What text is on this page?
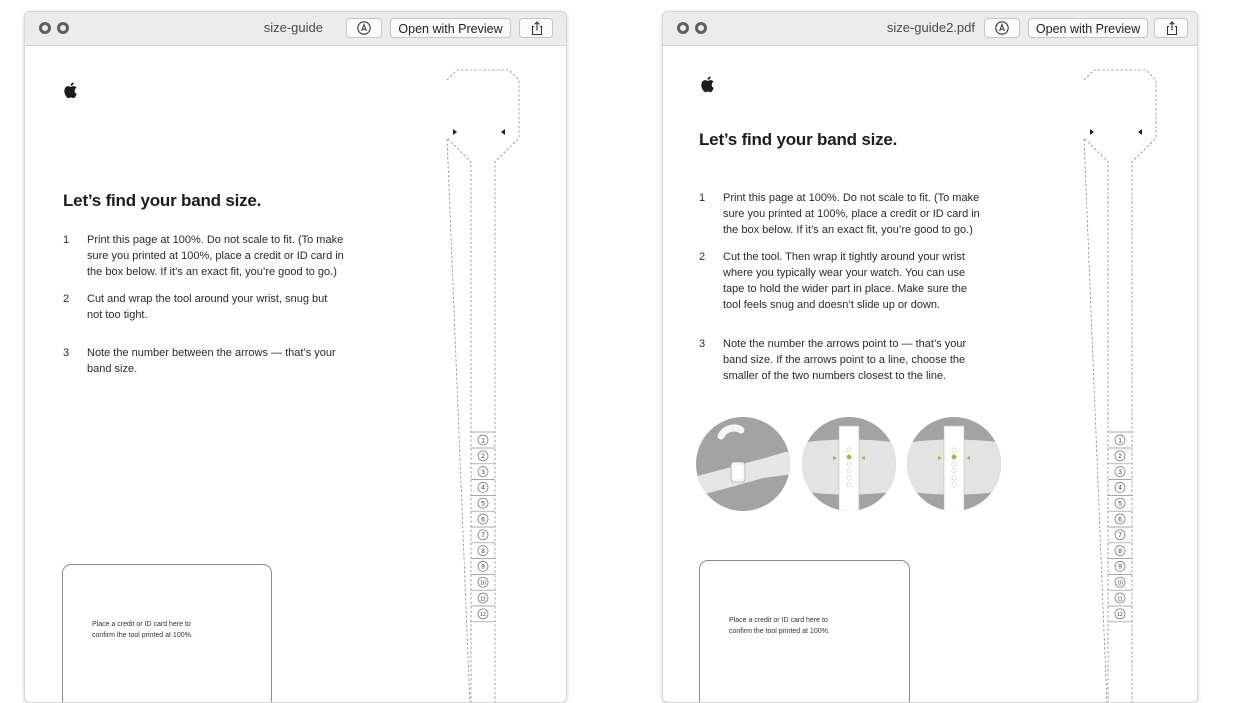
size-guide	Open with Preview
Let’s find your band size.
1 Print this page at 100%. Do not scale to fit. (To make
sure you printed at 100%, place a credit or ID card in
the box below. If it’s an exact fit, you’re good to go.)
2 Cut and wrap the tool around your wrist, snug but
not too tight.
3 Note the number between the arrows — that’s your
band size.
Place a credit or ID card here to
confirm the tool printed at 100%.
1
2
3
4
5
6
7
8
9
10
11
12
size-guide2.pdf	Open with Preview
Let’s find your band size.
1 Print this page at 100%. Do not scale to fit. (To make
sure you printed at 100%, place a credit or ID card in
the box below. If it’s an exact fit, you’re good to go.)
2 Cut the tool. Then wrap it tightly around your wrist
where you typically wear your watch. You can use
tape to hold the wider part in place. Make sure the
tool feels snug and doesn’t slide up or down.
3 Note the number the arrows point to — that’s your
band size. If the arrows point to a line, choose the
smaller of the two numbers closest to the line.
Place a credit or ID card here to
confirm the tool printed at 100%.
1
2
3
4
5
6
7
8
9
10
11
12
